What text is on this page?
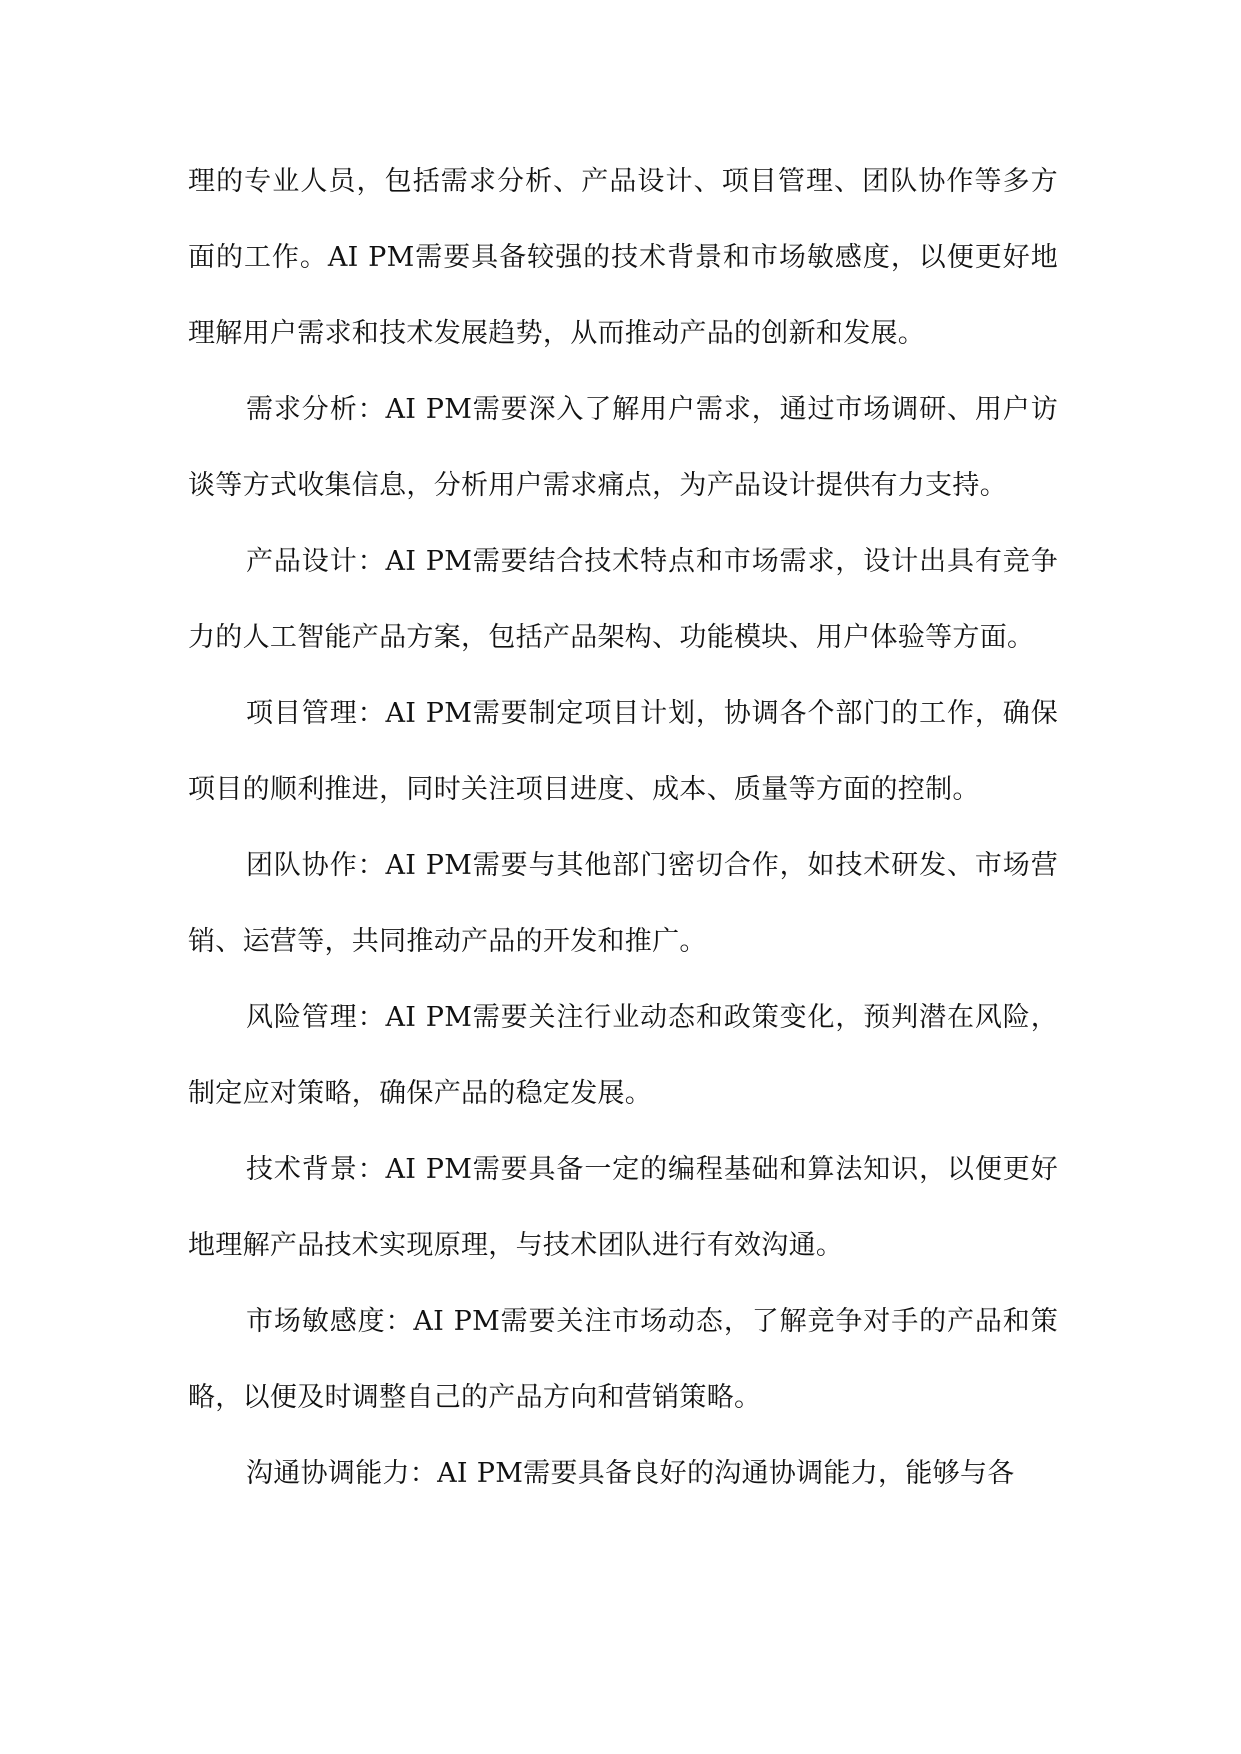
理的专业人员，包括需求分析、产品设计、项目管理、团队协作等多方面的工作。AI PM需要具备较强的技术背景和市场敏感度，以便更好地理解用户需求和技术发展趋势，从而推动产品的创新和发展。

需求分析：AI PM需要深入了解用户需求，通过市场调研、用户访谈等方式收集信息，分析用户需求痛点，为产品设计提供有力支持。

产品设计：AI PM需要结合技术特点和市场需求，设计出具有竞争力的人工智能产品方案，包括产品架构、功能模块、用户体验等方面。

项目管理：AI PM需要制定项目计划，协调各个部门的工作，确保项目的顺利推进，同时关注项目进度、成本、质量等方面的控制。

团队协作：AI PM需要与其他部门密切合作，如技术研发、市场营销、运营等，共同推动产品的开发和推广。

风险管理：AI PM需要关注行业动态和政策变化，预判潜在风险，制定应对策略，确保产品的稳定发展。

技术背景：AI PM需要具备一定的编程基础和算法知识，以便更好地理解产品技术实现原理，与技术团队进行有效沟通。

市场敏感度：AI PM需要关注市场动态，了解竞争对手的产品和策略，以便及时调整自己的产品方向和营销策略。

沟通协调能力：AI PM需要具备良好的沟通协调能力，能够与各
